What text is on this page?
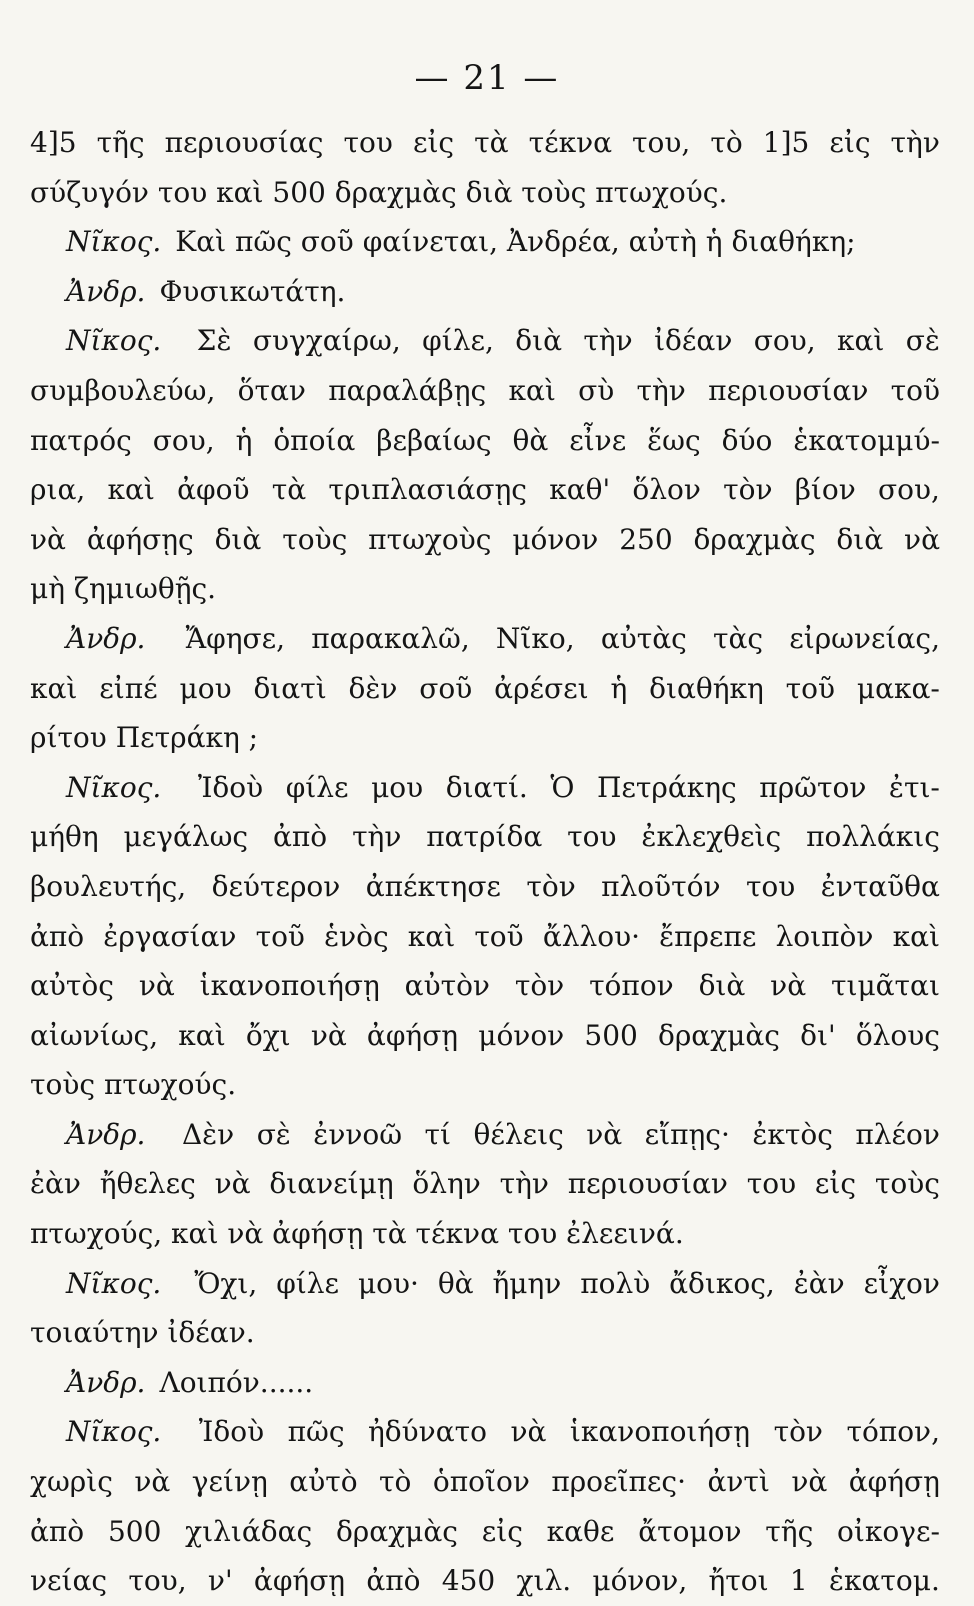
— 21 —
4]5 τῆς περιουσίας του εἰς τὰ τέκνα του, τὸ 1]5 εἰς τὴν
σύζυγόν του καὶ 500 δραχμὰς διὰ τοὺς πτωχούς.
Νῖκος. Καὶ πῶς σοῦ φαίνεται, Ἀνδρέα, αὐτὴ ἡ διαθήκη;
Ἀνδρ. Φυσικωτάτη.
Νῖκος. Σὲ συγχαίρω, φίλε, διὰ τὴν ἰδέαν σου, καὶ σὲ
συμβουλεύω, ὅταν παραλάβῃς καὶ σὺ τὴν περιουσίαν τοῦ
πατρός σου, ἡ ὁποία βεβαίως θὰ εἶνε ἕως δύο ἑκατομμύ-
ρια, καὶ ἀφοῦ τὰ τριπλασιάσῃς καθ' ὅλον τὸν βίον σου,
νὰ ἀφήσῃς διὰ τοὺς πτωχοὺς μόνον 250 δραχμὰς διὰ νὰ
μὴ ζημιωθῇς.
Ἀνδρ. Ἄφησε, παρακαλῶ, Νῖκο, αὐτὰς τὰς εἰρωνείας,
καὶ εἰπέ μου διατὶ δὲν σοῦ ἀρέσει ἡ διαθήκη τοῦ μακα-
ρίτου Πετράκη ;
Νῖκος. Ἰδοὺ φίλε μου διατί. Ὁ Πετράκης πρῶτον ἐτι-
μήθη μεγάλως ἀπὸ τὴν πατρίδα του ἐκλεχθεὶς πολλάκις
βουλευτής, δεύτερον ἀπέκτησε τὸν πλοῦτόν του ἐνταῦθα
ἀπὸ ἐργασίαν τοῦ ἑνὸς καὶ τοῦ ἄλλου· ἔπρεπε λοιπὸν καὶ
αὐτὸς νὰ ἱκανοποιήσῃ αὐτὸν τὸν τόπον διὰ νὰ τιμᾶται
αἰωνίως, καὶ ὄχι νὰ ἀφήσῃ μόνον 500 δραχμὰς δι' ὅλους
τοὺς πτωχούς.
Ἀνδρ. Δὲν σὲ ἐννοῶ τί θέλεις νὰ εἴπῃς· ἐκτὸς πλέον
ἐὰν ἤθελες νὰ διανείμῃ ὅλην τὴν περιουσίαν του εἰς τοὺς
πτωχούς, καὶ νὰ ἀφήσῃ τὰ τέκνα του ἐλεεινά.
Νῖκος. Ὄχι, φίλε μου· θὰ ἤμην πολὺ ἄδικος, ἐὰν εἶχον
τοιαύτην ἰδέαν.
Ἀνδρ. Λοιπόν......
Νῖκος. Ἰδοὺ πῶς ἠδύνατο νὰ ἱκανοποιήσῃ τὸν τόπον,
χωρὶς νὰ γείνῃ αὐτὸ τὸ ὁποῖον προεῖπες· ἀντὶ νὰ ἀφήσῃ
ἀπὸ 500 χιλιάδας δραχμὰς εἰς καθε ἄτομον τῆς οἰκογε-
νείας του, ν' ἀφήσῃ ἀπὸ 450 χιλ. μόνον, ἤτοι 1 ἑκατομ.
